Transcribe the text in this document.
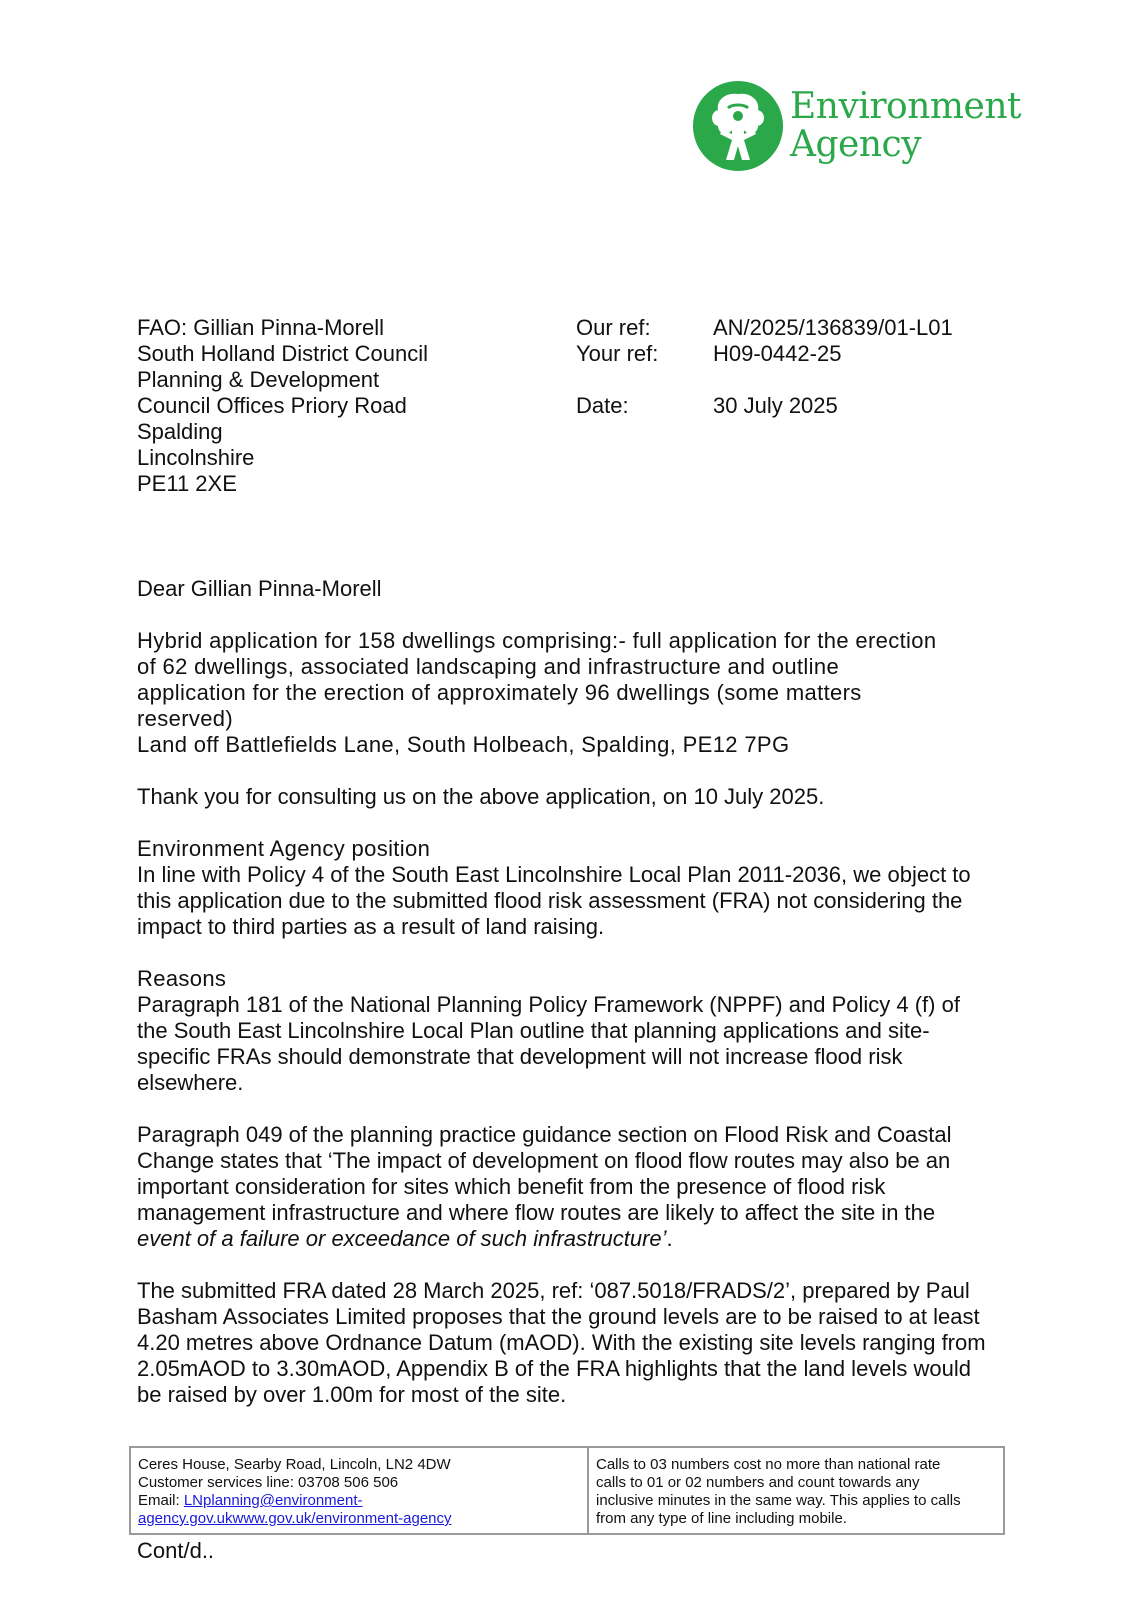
Environment
Agency
FAO: Gillian Pinna-Morell
South Holland District Council
Planning & Development
Council Offices Priory Road
Spalding
Lincolnshire
PE11 2XE
Our ref:	AN/2025/136839/01-L01
Your ref:	H09-0442-25
Date:	30 July 2025

Dear Gillian Pinna-Morell

Hybrid application for 158 dwellings comprising:- full application for the erection
of 62 dwellings, associated landscaping and infrastructure and outline
application for the erection of approximately 96 dwellings (some matters
reserved)
Land off Battlefields Lane, South Holbeach, Spalding, PE12 7PG

Thank you for consulting us on the above application, on 10 July 2025.

Environment Agency position
In line with Policy 4 of the South East Lincolnshire Local Plan 2011-2036, we object to
this application due to the submitted flood risk assessment (FRA) not considering the
impact to third parties as a result of land raising.

Reasons
Paragraph 181 of the National Planning Policy Framework (NPPF) and Policy 4 (f) of
the South East Lincolnshire Local Plan outline that planning applications and site-
specific FRAs should demonstrate that development will not increase flood risk
elsewhere.

Paragraph 049 of the planning practice guidance section on Flood Risk and Coastal
Change states that ‘The impact of development on flood flow routes may also be an
important consideration for sites which benefit from the presence of flood risk
management infrastructure and where flow routes are likely to affect the site in the
event of a failure or exceedance of such infrastructure’.

The submitted FRA dated 28 March 2025, ref: ‘087.5018/FRADS/2’, prepared by Paul
Basham Associates Limited proposes that the ground levels are to be raised to at least
4.20 metres above Ordnance Datum (mAOD). With the existing site levels ranging from
2.05mAOD to 3.30mAOD, Appendix B of the FRA highlights that the land levels would
be raised by over 1.00m for most of the site.

Ceres House, Searby Road, Lincoln, LN2 4DW
Customer services line: 03708 506 506
Email: LNplanning@environment-
agency.gov.ukwww.gov.uk/environment-agency
Calls to 03 numbers cost no more than national rate
calls to 01 or 02 numbers and count towards any
inclusive minutes in the same way. This applies to calls
from any type of line including mobile.
Cont/d..
